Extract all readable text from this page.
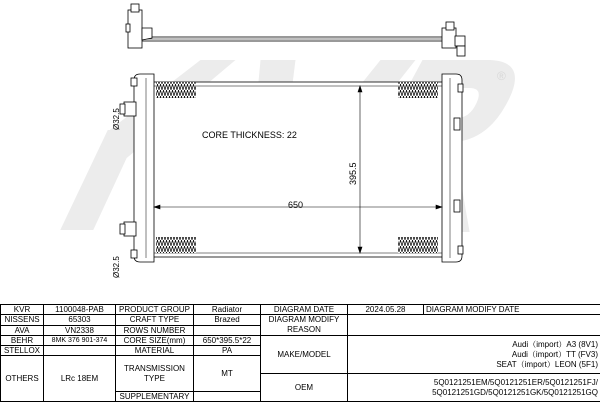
®
CORE THICKNESS: 22
650
395.5
Ø32.5
Ø32.5
KVR	1100048-PAB	PRODUCT GROUP	Radiator	DIAGRAM DATE	2024.05.28	DIAGRAM MODIFY DATE
NISSENS	65303	CRAFT TYPE	Brazed	DIAGRAM MODIFY REASON		
AVA	VN2338	ROWS NUMBER				
BEHR	8MK 376 901-374	CORE SIZE(mm)	650*395.5*22	MAKE/MODEL	Audi（import）A3 (8V1)
Audi（import）TT (FV3)
SEAT（import）LEON (5F1)	

STELLOX		MATERIAL	PA			
OTHERS	LRc 18EM	TRANSMISSION TYPE	MT			
				OEM	5Q0121251EM/5Q0121251ER/5Q0121251FJ/
5Q0121251GD/5Q0121251GK/5Q0121251GQ	

		SUPPLEMENTARY				
